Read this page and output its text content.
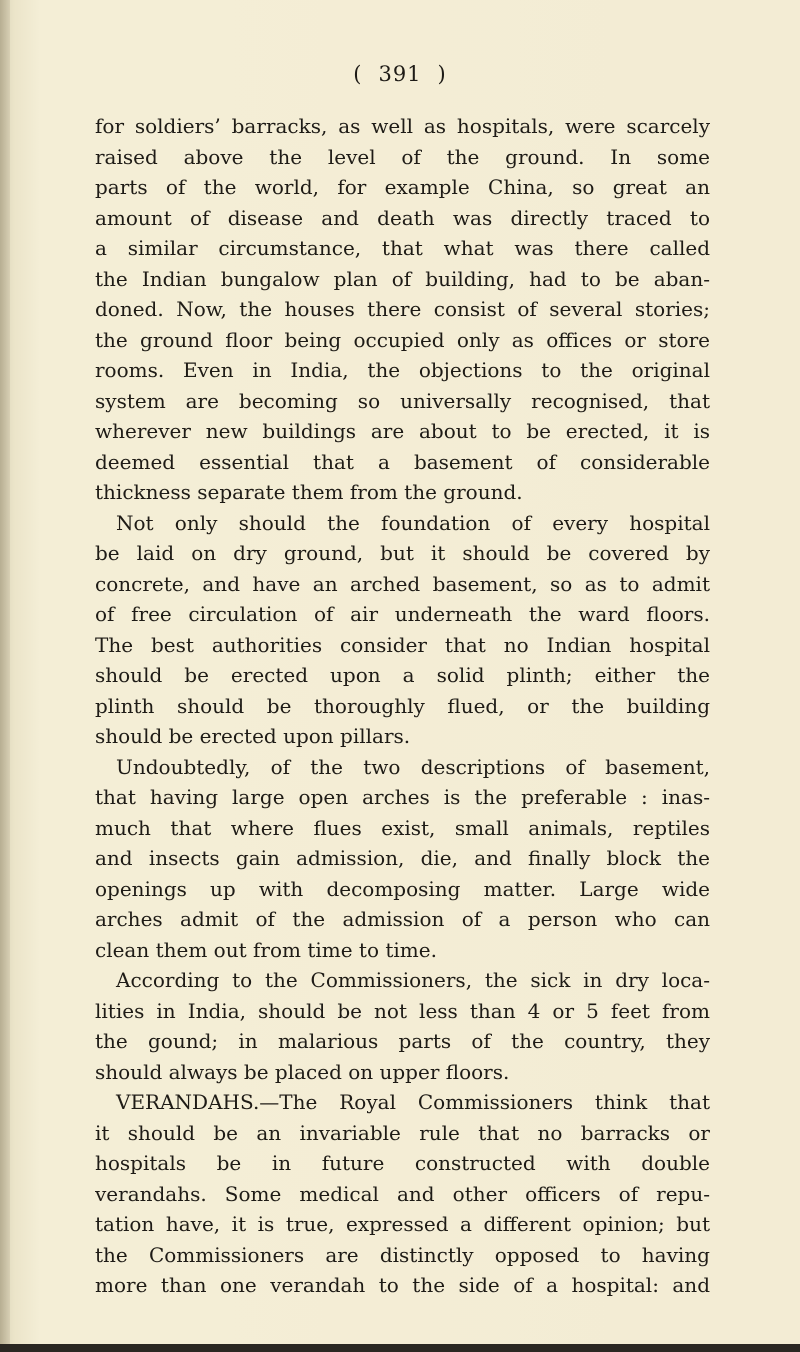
( 391 )
for soldiers’ barracks, as well as hospitals, were scarcely
raised above the level of the ground. In some
parts of the world, for example China, so great an
amount of disease and death was directly traced to
a similar circumstance, that what was there called
the Indian bungalow plan of building, had to be aban-
doned. Now, the houses there consist of several stories;
the ground floor being occupied only as offices or store
rooms. Even in India, the objections to the original
system are becoming so universally recognised, that
wherever new buildings are about to be erected, it is
deemed essential that a basement of considerable
thickness separate them from the ground.
Not only should the foundation of every hospital
be laid on dry ground, but it should be covered by
concrete, and have an arched basement, so as to admit
of free circulation of air underneath the ward floors.
The best authorities consider that no Indian hospital
should be erected upon a solid plinth; either the
plinth should be thoroughly flued, or the building
should be erected upon pillars.
Undoubtedly, of the two descriptions of basement,
that having large open arches is the preferable : inas-
much that where flues exist, small animals, reptiles
and insects gain admission, die, and finally block the
openings up with decomposing matter. Large wide
arches admit of the admission of a person who can
clean them out from time to time.
According to the Commissioners, the sick in dry loca-
lities in India, should be not less than 4 or 5 feet from
the gound; in malarious parts of the country, they
should always be placed on upper floors.
VERANDAHS.—The Royal Commissioners think that
it should be an invariable rule that no barracks or
hospitals be in future constructed with double
verandahs. Some medical and other officers of repu-
tation have, it is true, expressed a different opinion; but
the Commissioners are distinctly opposed to having
more than one verandah to the side of a hospital: and
